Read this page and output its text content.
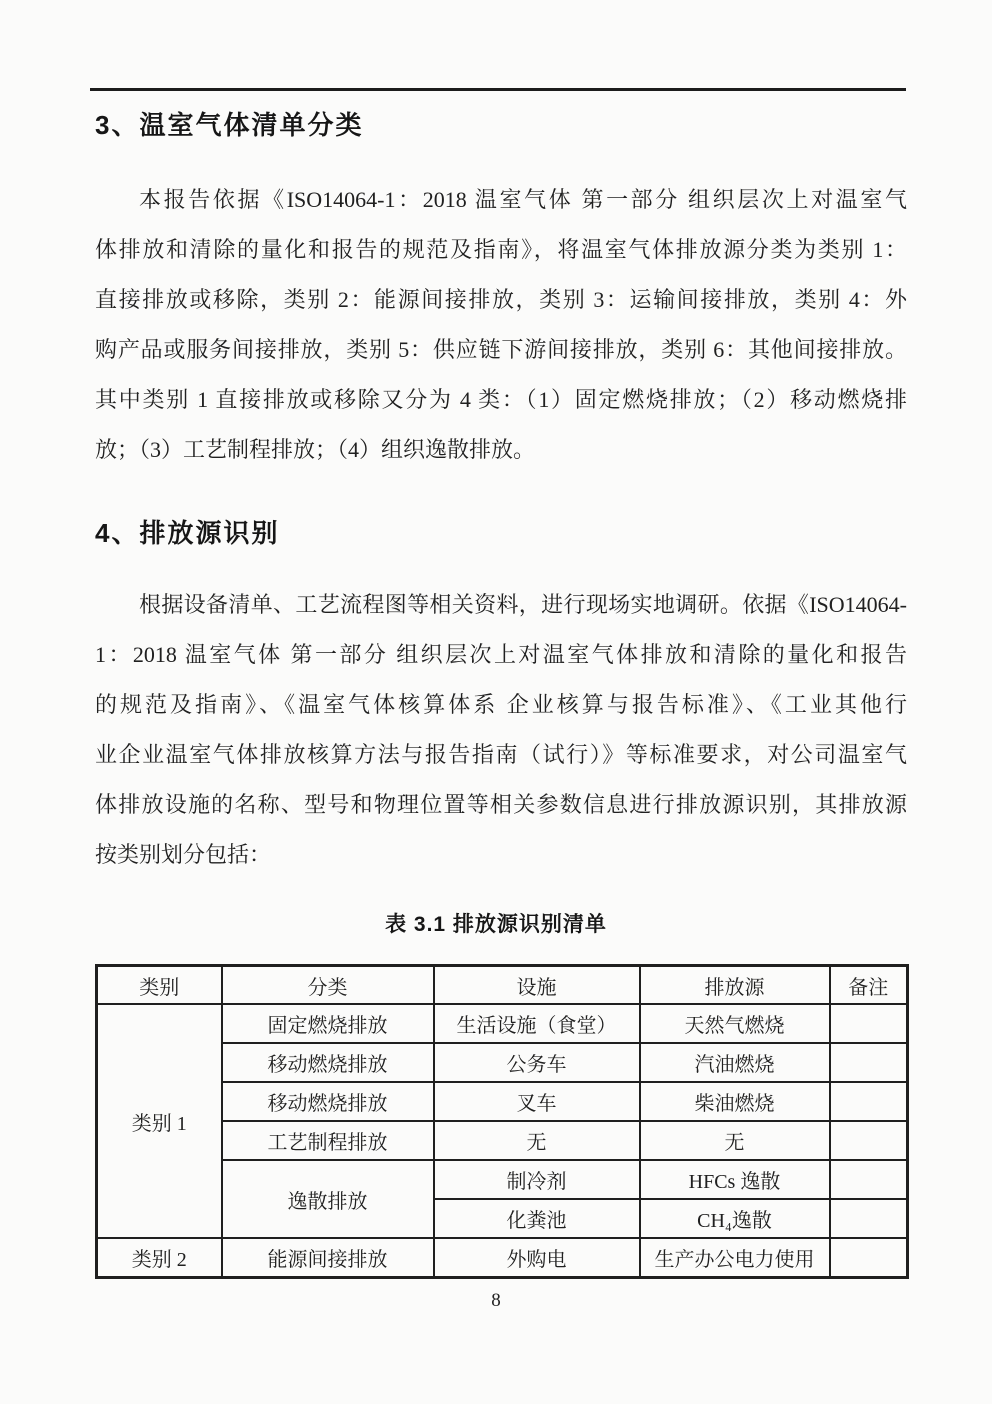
3、温室气体清单分类
本报告依据《ISO14064-1：2018 温室气体 第一部分 组织层次上对温室气
体排放和清除的量化和报告的规范及指南》，将温室气体排放源分类为类别 1：
直接排放或移除，类别 2：能源间接排放，类别 3：运输间接排放，类别 4：外
购产品或服务间接排放，类别 5：供应链下游间接排放，类别 6：其他间接排放。
其中类别 1 直接排放或移除又分为 4 类：（1）固定燃烧排放；（2）移动燃烧排
放；（3）工艺制程排放；（4）组织逸散排放。
4、排放源识别
根据设备清单、工艺流程图等相关资料，进行现场实地调研。依据《ISO14064-
1：2018 温室气体 第一部分 组织层次上对温室气体排放和清除的量化和报告
的规范及指南》、《温室气体核算体系 企业核算与报告标准》、《工业其他行
业企业温室气体排放核算方法与报告指南（试行）》等标准要求，对公司温室气
体排放设施的名称、型号和物理位置等相关参数信息进行排放源识别，其排放源
按类别划分包括：
表 3.1 排放源识别清单
类别	分类	设施	排放源	备注
类别 1	固定燃烧排放	生活设施（食堂）	天然气燃烧	
	移动燃烧排放	公务车	汽油燃烧	
	移动燃烧排放	叉车	柴油燃烧	
	工艺制程排放	无	无	
	逸散排放	制冷剂	HFCs 逸散	
		化粪池	CH₄逸散	
类别 2	能源间接排放	外购电	生产办公电力使用	
8
